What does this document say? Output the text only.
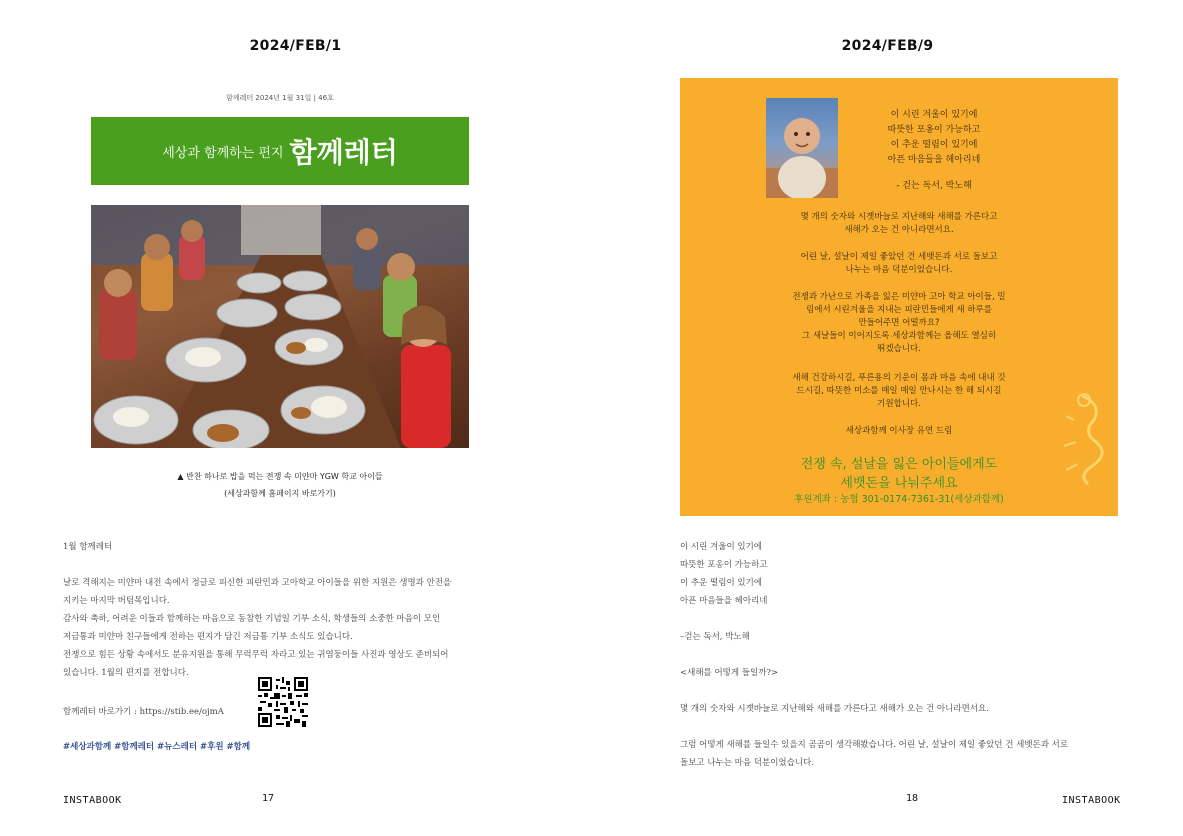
2024/FEB/1
함께레터 2024년 1월 31일 | 46호
세상과 함께하는 편지 함께레터
▲ 반찬 하나로 밥을 먹는 전쟁 속 미얀마 YGW 학교 아이들
(세상과함께 홈페이지 바로가기)
1월 함께레터
날로 격해지는 미얀마 내전 속에서 정글로 피신한 피란민과 고아학교 아이들을 위한 지원은 생명과 안전을
지키는 마지막 버팀목입니다.
감사와 축하, 어려운 이들과 함께하는 마음으로 동참한 기념일 기부 소식, 학생들의 소중한 마음이 모인
저금통과 미얀마 친구들에게 전하는 편지가 담긴 저금통 기부 소식도 있습니다.
전쟁으로 힘든 상황 속에서도 분유지원을 통해 무럭무럭 자라고 있는 귀염둥이들 사진과 영상도 준비되어
있습니다. 1월의 편지를 전합니다.
함께레터 바로가기 : https://stib.ee/ojmA
#세상과함께 #함께레터 #뉴스레터 #후원 #함께
INSTABOOK	17
2024/FEB/9
이 시린 겨울이 있기에
따뜻한 포옹이 가능하고
이 추운 떨림이 있기에
아픈 마음들을 헤아리네
- 걷는 독서, 박노해
몇 개의 숫자와 시곗바늘로 지난해와 새해를 가른다고
새해가 오는 건 아니라면서요.
어린 날, 설날이 제일 좋았던 건 세뱃돈과 서로 돌보고
나누는 마음 덕분이었습니다.
전쟁과 가난으로 가족을 잃은 미얀마 고아 학교 아이들, 밀
림에서 시린겨울을 지내는 피란민들에게 새 하루를
만들어주면 어떨까요?
그 새날들이 이어지도록 세상과함께는 올해도 열심히
뛰겠습니다.
새해 건강하시길, 푸른용의 기운이 몸과 마음 속에 내내 깃
드시길, 따뜻한 미소를 매일 매일 만나시는 한 해 되시길
기원합니다.
세상과함께 이사장 유연 드림
전쟁 속, 설날을 잃은 아이들에게도
세뱃돈을 나눠주세요
후원계좌 : 농협 301-0174-7361-31(세상과함께)
이 시린 겨울이 있기에
따뜻한 포옹이 가능하고
이 추운 떨림이 있기에
아픈 마음들을 헤아리네
–걷는 독서, 박노해
<새해를 어떻게 들일까?>
몇 개의 숫자와 시곗바늘로 지난해와 새해를 가른다고 새해가 오는 건 아니라면서요.
그럼 어떻게 새해를 들일수 있을지 곰곰이 생각해봤습니다. 어린 날, 설날이 제일 좋았던 건 세뱃돈과 서로
돌보고 나누는 마음 덕분이었습니다.
18	INSTABOOK
